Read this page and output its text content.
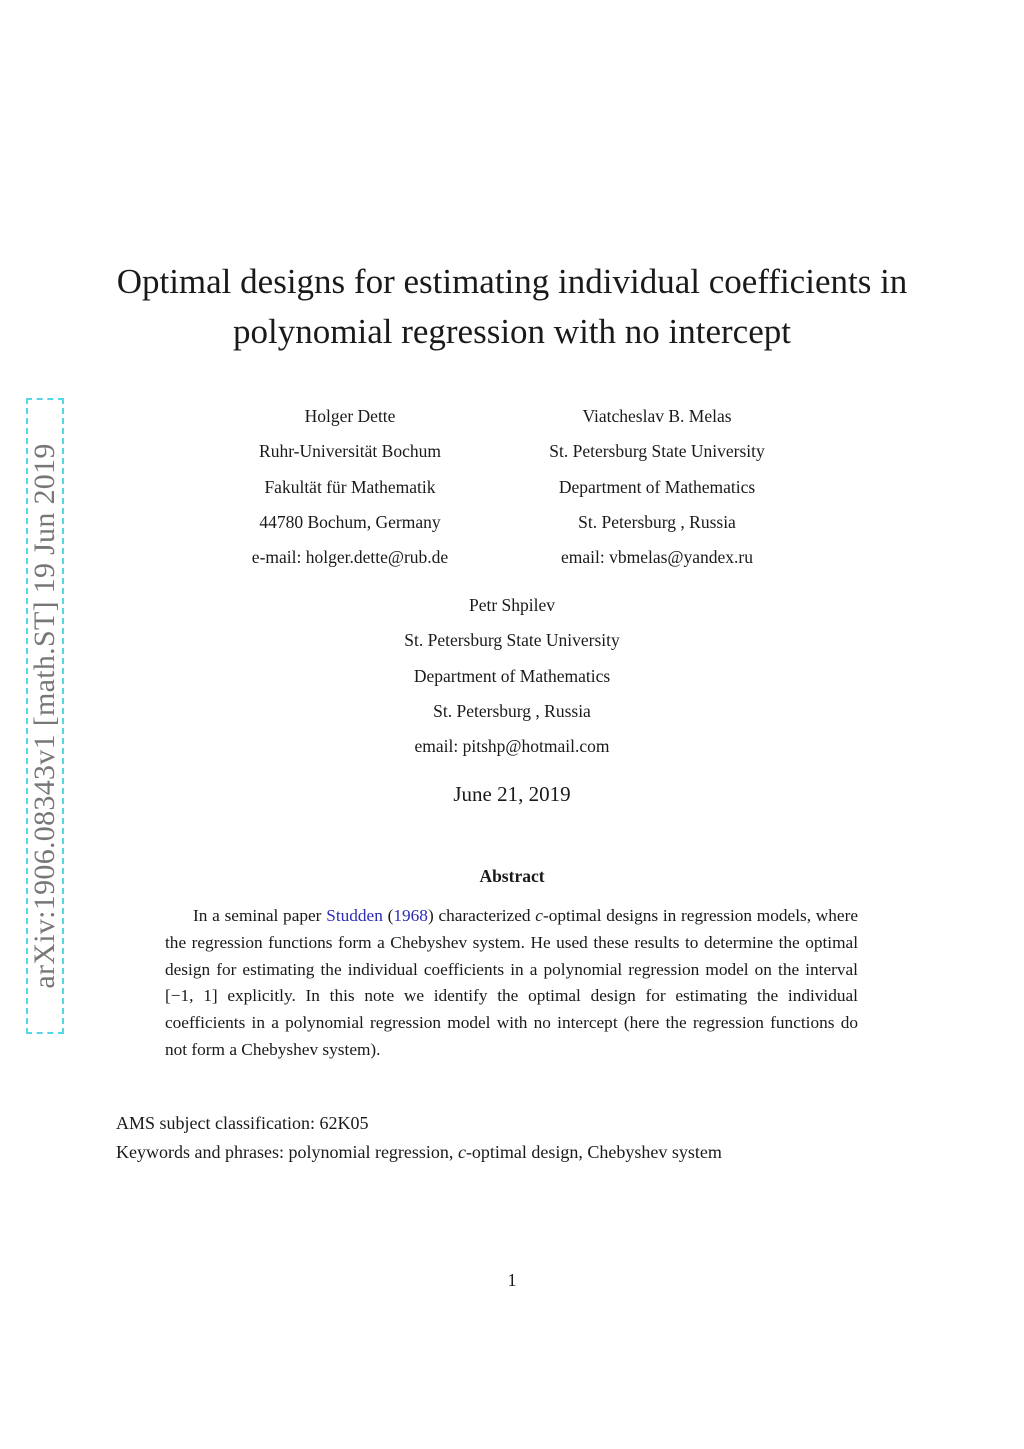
arXiv:1906.08343v1 [math.ST] 19 Jun 2019
Optimal designs for estimating individual coefficients in
polynomial regression with no intercept
Holger Dette
Ruhr-Universität Bochum
Fakultät für Mathematik
44780 Bochum, Germany
e-mail: holger.dette@rub.de
Viatcheslav B. Melas
St. Petersburg State University
Department of Mathematics
St. Petersburg , Russia
email: vbmelas@yandex.ru
Petr Shpilev
St. Petersburg State University
Department of Mathematics
St. Petersburg , Russia
email: pitshp@hotmail.com
June 21, 2019
Abstract

In a seminal paper Studden (1968) characterized c-optimal designs in regression models, where the regression functions form a Chebyshev system. He used these results to determine the optimal design for estimating the individual coefficients in a polynomial regression model on the interval [−1, 1] explicitly. In this note we identify the optimal design for estimating the individual coefficients in a polynomial regression model with no intercept (here the regression functions do not form a Chebyshev system).

AMS subject classification: 62K05
Keywords and phrases: polynomial regression, c-optimal design, Chebyshev system
1
